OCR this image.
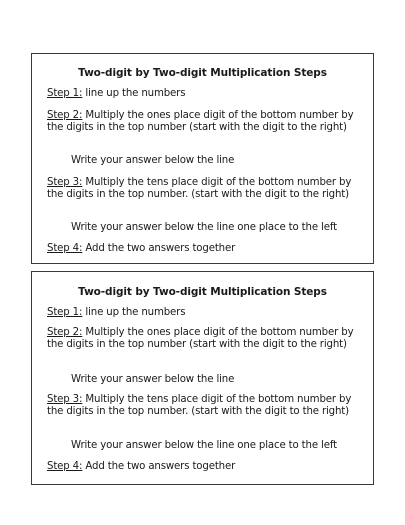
Two-digit by Two-digit Multiplication Steps
Step 1: line up the numbers
Step 2: Multiply the ones place digit of the bottom number by the digits in the top number (start with the digit to the right)
Write your answer below the line
Step 3: Multiply the tens place digit of the bottom number by the digits in the top number. (start with the digit to the right)
Write your answer below the line one place to the left
Step 4: Add the two answers together
Two-digit by Two-digit Multiplication Steps
Step 1: line up the numbers
Step 2: Multiply the ones place digit of the bottom number by the digits in the top number (start with the digit to the right)
Write your answer below the line
Step 3: Multiply the tens place digit of the bottom number by the digits in the top number. (start with the digit to the right)
Write your answer below the line one place to the left
Step 4: Add the two answers together
